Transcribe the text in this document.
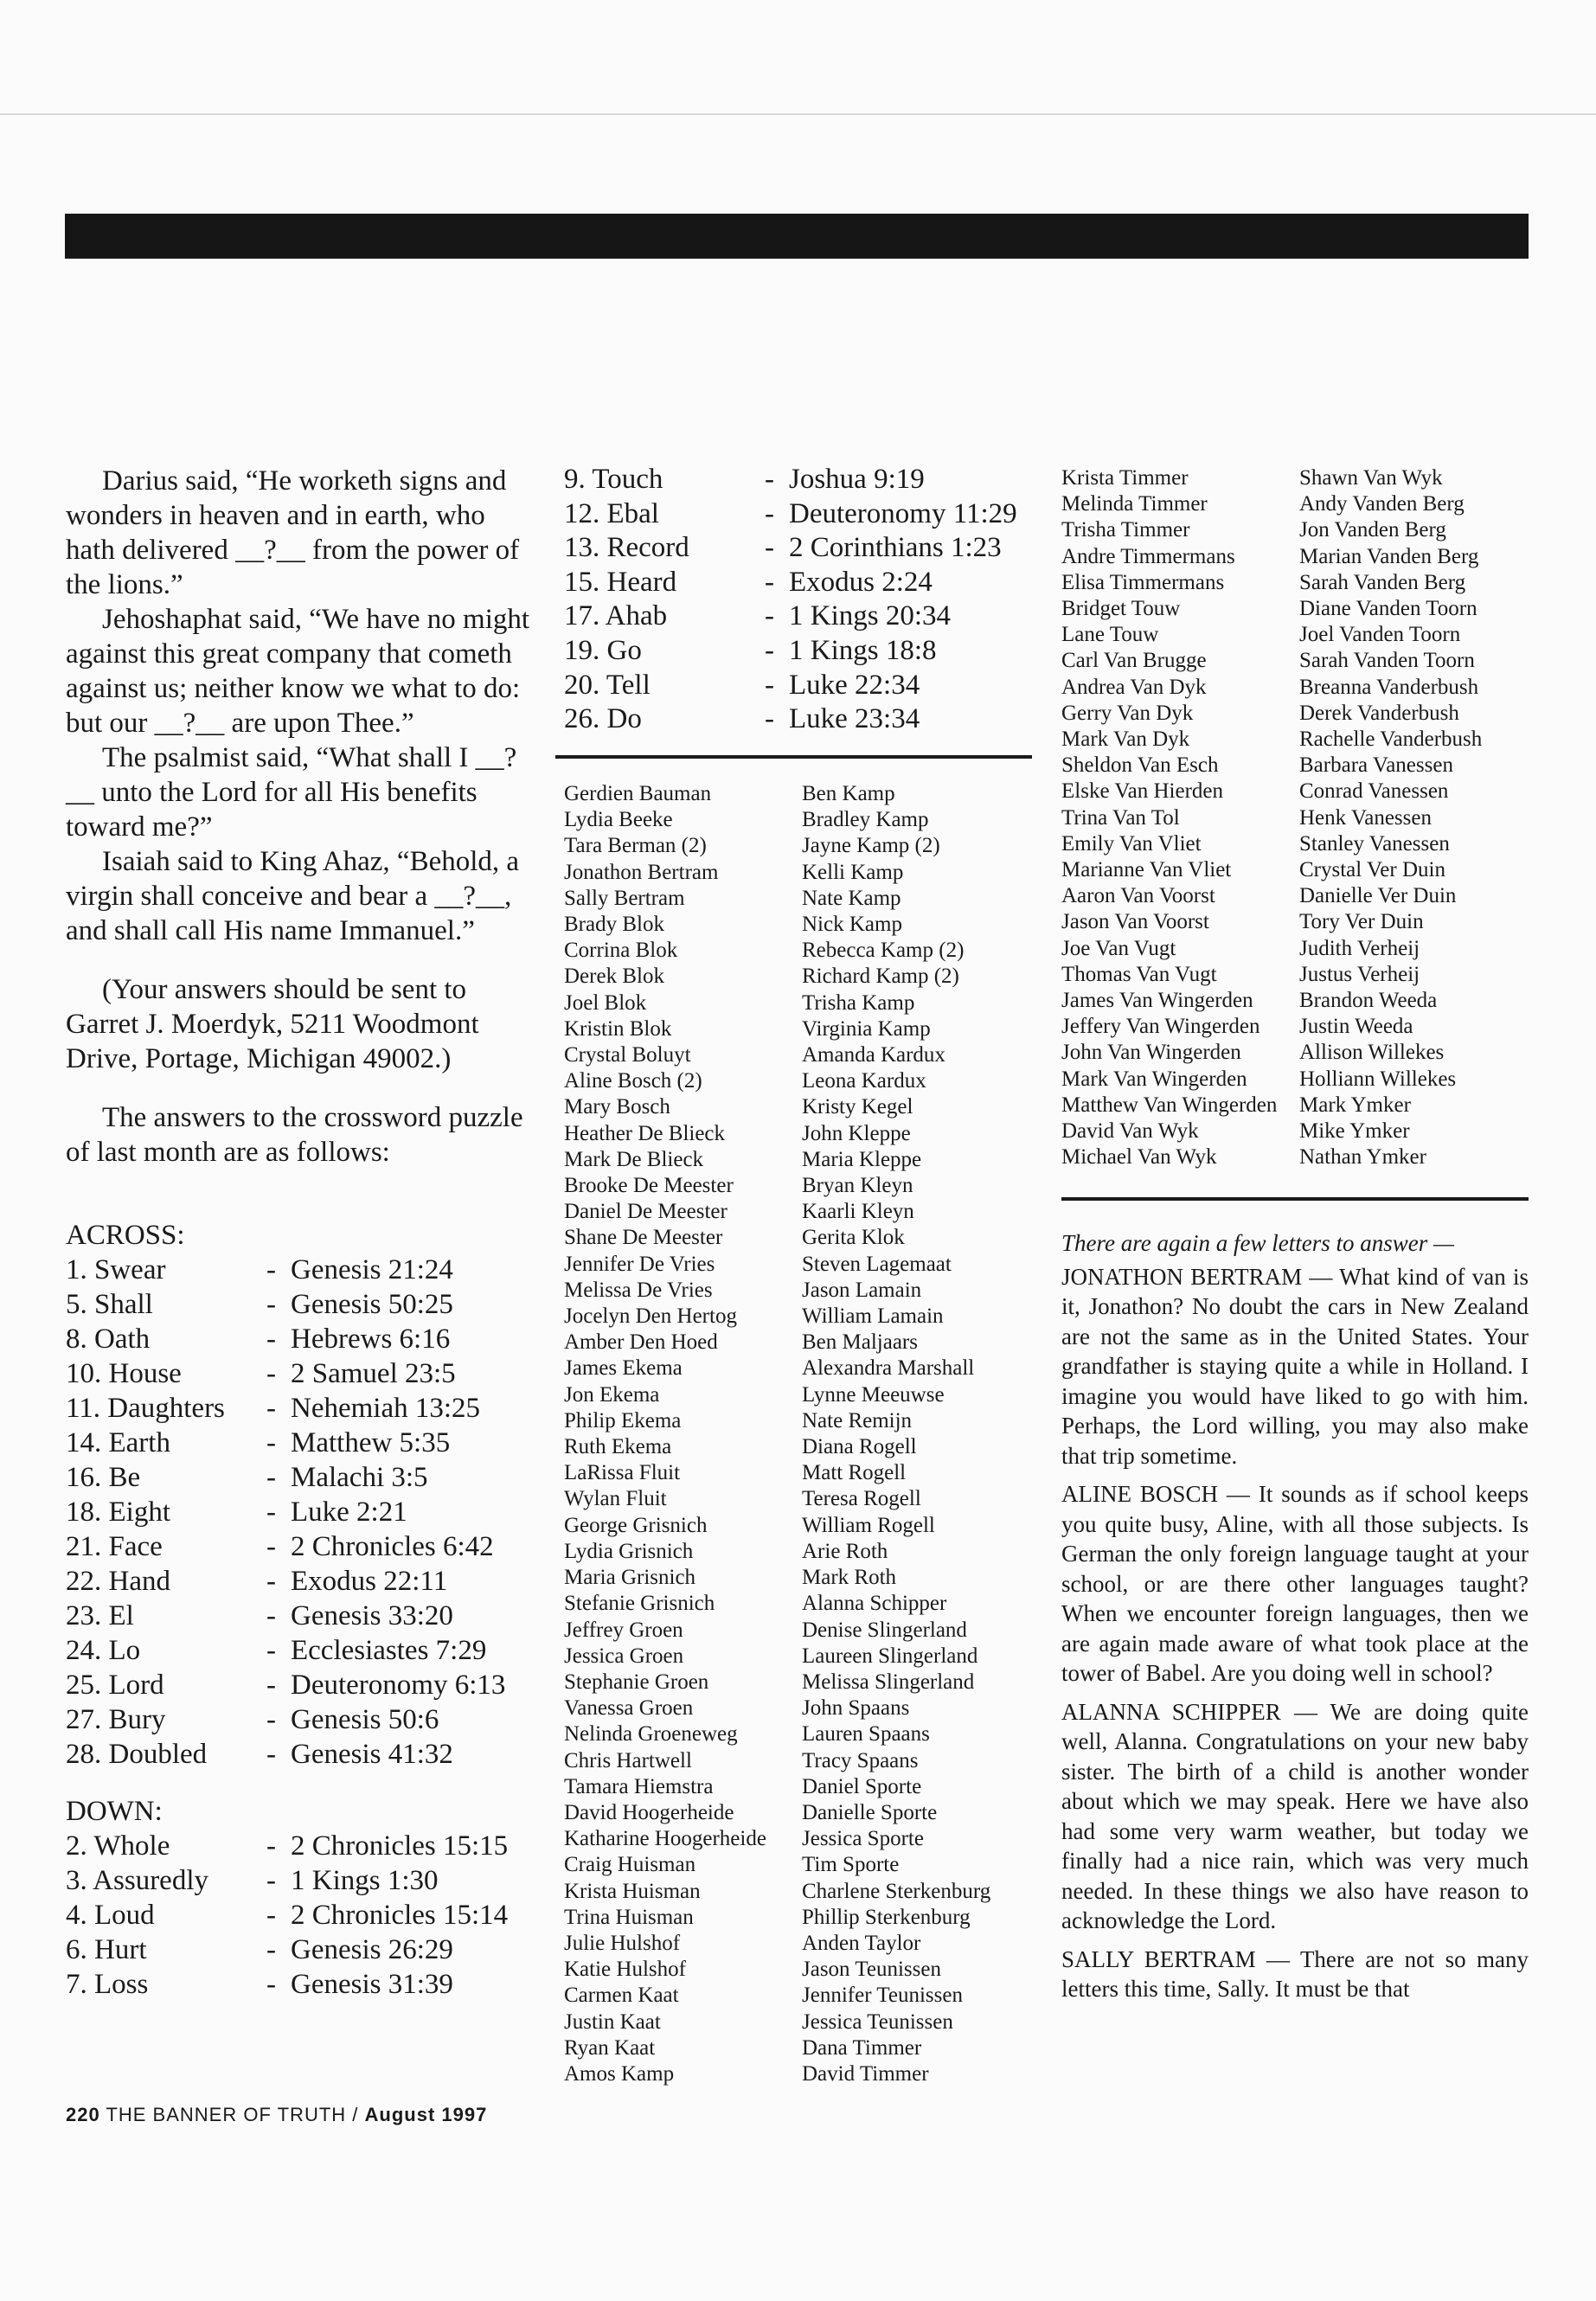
Darius said, “He worketh signs and wonders in heaven and in earth, who hath delivered __?__ from the power of the lions.”

Jehoshaphat said, “We have no might against this great company that cometh against us; neither know we what to do: but our __?__ are upon Thee.”

The psalmist said, “What shall I __?__ unto the Lord for all His benefits toward me?”

Isaiah said to King Ahaz, “Behold, a virgin shall conceive and bear a __?__, and shall call His name Immanuel.”

(Your answers should be sent to Garret J. Moerdyk, 5211 Woodmont Drive, Portage, Michigan 49002.)

The answers to the crossword puzzle of last month are as follows:

ACROSS:

1. Swear	-	Genesis 21:24
5. Shall	-	Genesis 50:25
8. Oath	-	Hebrews 6:16
10. House	-	2 Samuel 23:5
11. Daughters	-	Nehemiah 13:25
14. Earth	-	Matthew 5:35
16. Be	-	Malachi 3:5
18. Eight	-	Luke 2:21
21. Face	-	2 Chronicles 6:42
22. Hand	-	Exodus 22:11
23. El	-	Genesis 33:20
24. Lo	-	Ecclesiastes 7:29
25. Lord	-	Deuteronomy 6:13
27. Bury	-	Genesis 50:6
28. Doubled	-	Genesis 41:32

DOWN:

2. Whole	-	2 Chronicles 15:15
3. Assuredly	-	1 Kings 1:30
4. Loud	-	2 Chronicles 15:14
6. Hurt	-	Genesis 26:29
7. Loss	-	Genesis 31:39
220 THE BANNER OF TRUTH / August 1997
9. Touch	-	Joshua 9:19
12. Ebal	-	Deuteronomy 11:29
13. Record	-	2 Corinthians 1:23
15. Heard	-	Exodus 2:24
17. Ahab	-	1 Kings 20:34
19. Go	-	1 Kings 18:8
20. Tell	-	Luke 22:34
26. Do	-	Luke 23:34
Gerdien Bauman
Lydia Beeke
Tara Berman (2)
Jonathon Bertram
Sally Bertram
Brady Blok
Corrina Blok
Derek Blok
Joel Blok
Kristin Blok
Crystal Boluyt
Aline Bosch (2)
Mary Bosch
Heather De Blieck
Mark De Blieck
Brooke De Meester
Daniel De Meester
Shane De Meester
Jennifer De Vries
Melissa De Vries
Jocelyn Den Hertog
Amber Den Hoed
James Ekema
Jon Ekema
Philip Ekema
Ruth Ekema
LaRissa Fluit
Wylan Fluit
George Grisnich
Lydia Grisnich
Maria Grisnich
Stefanie Grisnich
Jeffrey Groen
Jessica Groen
Stephanie Groen
Vanessa Groen
Nelinda Groeneweg
Chris Hartwell
Tamara Hiemstra
David Hoogerheide
Katharine Hoogerheide
Craig Huisman
Krista Huisman
Trina Huisman
Julie Hulshof
Katie Hulshof
Carmen Kaat
Justin Kaat
Ryan Kaat
Amos Kamp
Ben Kamp
Bradley Kamp
Jayne Kamp (2)
Kelli Kamp
Nate Kamp
Nick Kamp
Rebecca Kamp (2)
Richard Kamp (2)
Trisha Kamp
Virginia Kamp
Amanda Kardux
Leona Kardux
Kristy Kegel
John Kleppe
Maria Kleppe
Bryan Kleyn
Kaarli Kleyn
Gerita Klok
Steven Lagemaat
Jason Lamain
William Lamain
Ben Maljaars
Alexandra Marshall
Lynne Meeuwse
Nate Remijn
Diana Rogell
Matt Rogell
Teresa Rogell
William Rogell
Arie Roth
Mark Roth
Alanna Schipper
Denise Slingerland
Laureen Slingerland
Melissa Slingerland
John Spaans
Lauren Spaans
Tracy Spaans
Daniel Sporte
Danielle Sporte
Jessica Sporte
Tim Sporte
Charlene Sterkenburg
Phillip Sterkenburg
Anden Taylor
Jason Teunissen
Jennifer Teunissen
Jessica Teunissen
Dana Timmer
David Timmer
Krista Timmer
Melinda Timmer
Trisha Timmer
Andre Timmermans
Elisa Timmermans
Bridget Touw
Lane Touw
Carl Van Brugge
Andrea Van Dyk
Gerry Van Dyk
Mark Van Dyk
Sheldon Van Esch
Elske Van Hierden
Trina Van Tol
Emily Van Vliet
Marianne Van Vliet
Aaron Van Voorst
Jason Van Voorst
Joe Van Vugt
Thomas Van Vugt
James Van Wingerden
Jeffery Van Wingerden
John Van Wingerden
Mark Van Wingerden
Matthew Van Wingerden
David Van Wyk
Michael Van Wyk
Shawn Van Wyk
Andy Vanden Berg
Jon Vanden Berg
Marian Vanden Berg
Sarah Vanden Berg
Diane Vanden Toorn
Joel Vanden Toorn
Sarah Vanden Toorn
Breanna Vanderbush
Derek Vanderbush
Rachelle Vanderbush
Barbara Vanessen
Conrad Vanessen
Henk Vanessen
Stanley Vanessen
Crystal Ver Duin
Danielle Ver Duin
Tory Ver Duin
Judith Verheij
Justus Verheij
Brandon Weeda
Justin Weeda
Allison Willekes
Holliann Willekes
Mark Ymker
Mike Ymker
Nathan Ymker

There are again a few letters to answer —

JONATHON BERTRAM — What kind of van is it, Jonathon? No doubt the cars in New Zealand are not the same as in the United States. Your grandfather is staying quite a while in Holland. I imagine you would have liked to go with him. Perhaps, the Lord willing, you may also make that trip sometime.

ALINE BOSCH — It sounds as if school keeps you quite busy, Aline, with all those subjects. Is German the only foreign language taught at your school, or are there other languages taught? When we encounter foreign languages, then we are again made aware of what took place at the tower of Babel. Are you doing well in school?

ALANNA SCHIPPER — We are doing quite well, Alanna. Congratulations on your new baby sister. The birth of a child is another wonder about which we may speak. Here we have also had some very warm weather, but today we finally had a nice rain, which was very much needed. In these things we also have reason to acknowledge the Lord.

SALLY BERTRAM — There are not so many letters this time, Sally. It must be that
